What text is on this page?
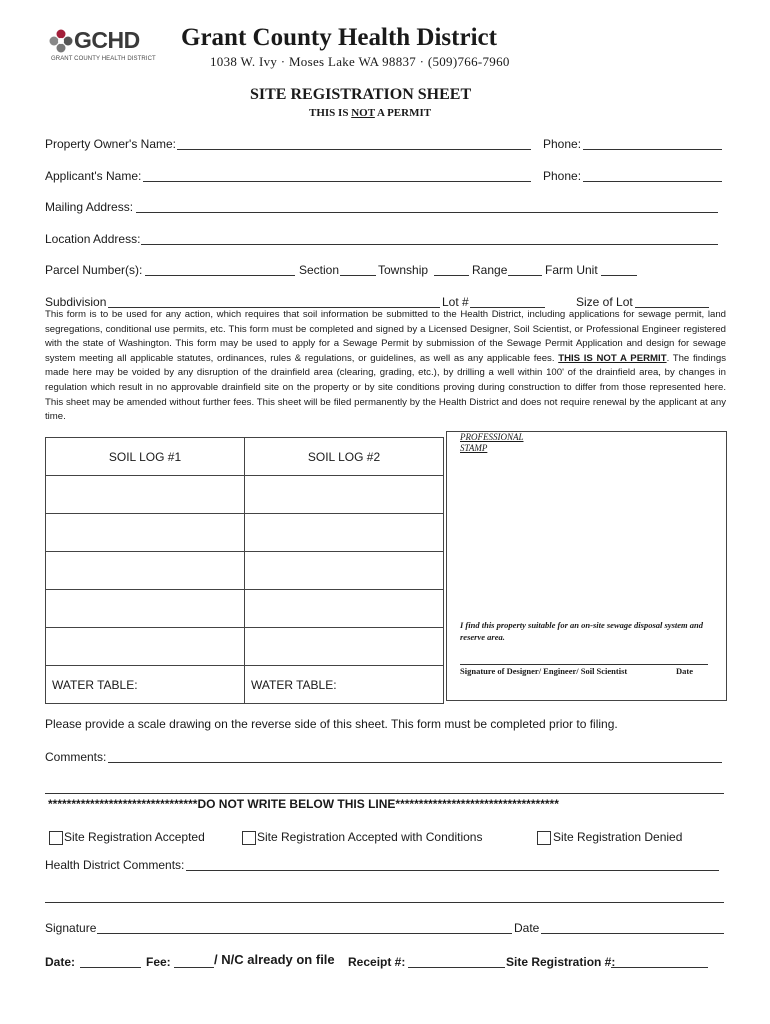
GCHD
GRANT COUNTY HEALTH DISTRICT
Grant County Health District
1038 W. Ivy · Moses Lake WA 98837 · (509)766-7960
SITE REGISTRATION SHEET
THIS IS NOT A PERMIT
Property Owner's Name:	Phone:
Applicant's Name:	Phone:
Mailing Address:
Location Address:
Parcel Number(s):	Section	Township	Range	Farm Unit
Subdivision	Lot #	Size of Lot
This form is to be used for any action, which requires that soil information be submitted to the Health District, including applications for sewage permit, land segregations, conditional use permits, etc. This form must be completed and signed by a Licensed Designer, Soil Scientist, or Professional Engineer registered with the state of Washington. This form may be used to apply for a Sewage Permit by submission of the Sewage Permit Application and design for sewage system meeting all applicable statutes, ordinances, rules & regulations, or guidelines, as well as any applicable fees. THIS IS NOT A PERMIT. The findings made here may be voided by any disruption of the drainfield area (clearing, grading, etc.), by drilling a well within 100' of the drainfield area, by changes in regulation which result in no approvable drainfield site on the property or by site conditions proving during construction to differ from those represented here. This sheet may be amended without further fees. This sheet will be filed permanently by the Health District and does not require renewal by the applicant at any time.
SOIL LOG #1	SOIL LOG #2

WATER TABLE:	WATER TABLE:
PROFESSIONAL
STAMP
I find this property suitable for an on-site sewage disposal system and reserve area.
Signature of Designer/ Engineer/ Soil Scientist	Date
Please provide a scale drawing on the reverse side of this sheet. This form must be completed prior to filing.
Comments:
********************************DO NOT WRITE BELOW THIS LINE***********************************
Site Registration Accepted	Site Registration Accepted with Conditions	Site Registration Denied
Health District Comments:
Signature	Date
Date:	Fee:	/ N/C already on file Receipt #:	Site Registration #:
